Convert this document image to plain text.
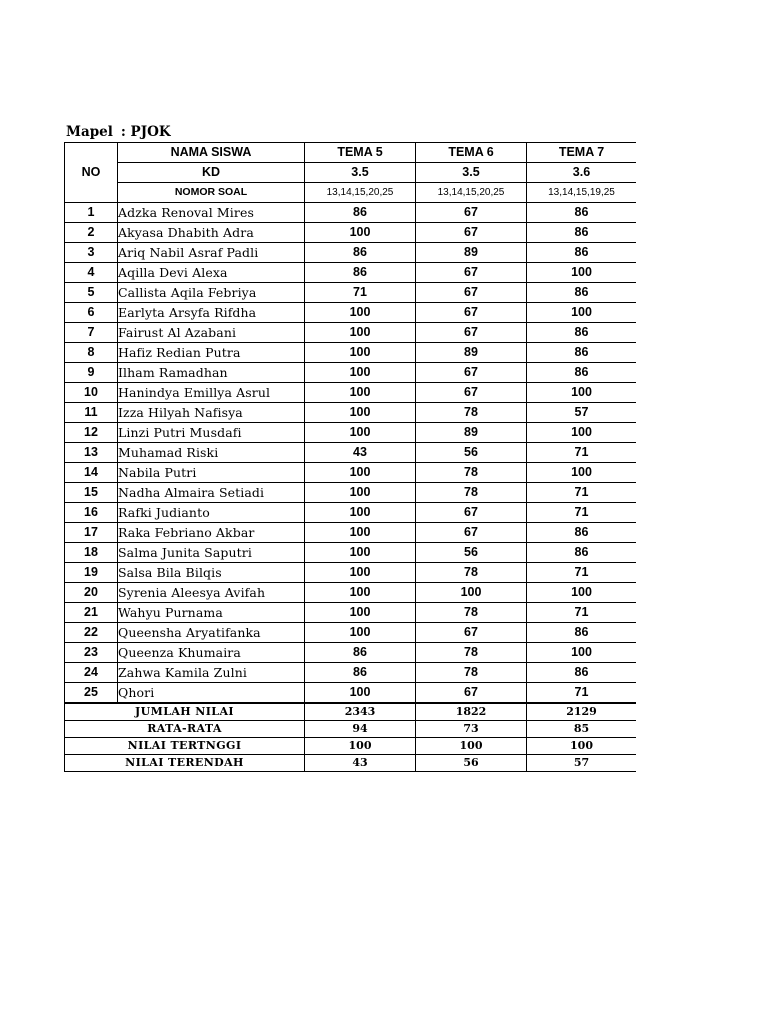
Mapel : PJOK
NO	NAMA SISWA	TEMA 5	TEMA 6	TEMA 7
	KD	3.5	3.5	3.6
	NOMOR SOAL	13,14,15,20,25	13,14,15,20,25	13,14,15,19,25
1	Adzka Renoval Mires	86	67	86
2	Akyasa Dhabith Adra	100	67	86
3	Ariq Nabil Asraf Padli	86	89	86
4	Aqilla Devi Alexa	86	67	100
5	Callista Aqila Febriya	71	67	86
6	Earlyta Arsyfa Rifdha	100	67	100
7	Fairust Al Azabani	100	67	86
8	Hafiz Redian Putra	100	89	86
9	Ilham Ramadhan	100	67	86
10	Hanindya Emillya Asrul	100	67	100
11	Izza Hilyah Nafisya	100	78	57
12	Linzi Putri Musdafi	100	89	100
13	Muhamad Riski	43	56	71
14	Nabila Putri	100	78	100
15	Nadha Almaira Setiadi	100	78	71
16	Rafki Judianto	100	67	71
17	Raka Febriano Akbar	100	67	86
18	Salma Junita Saputri	100	56	86
19	Salsa Bila Bilqis	100	78	71
20	Syrenia Aleesya Avifah	100	100	100
21	Wahyu Purnama	100	78	71
22	Queensha Aryatifanka	100	67	86
23	Queenza Khumaira	86	78	100
24	Zahwa Kamila Zulni	86	78	86
25	Qhori	100	67	71
JUMLAH NILAI		2343	1822	2129
RATA-RATA		94	73	85
NILAI TERTNGGI		100	100	100
NILAI TERENDAH		43	56	57
